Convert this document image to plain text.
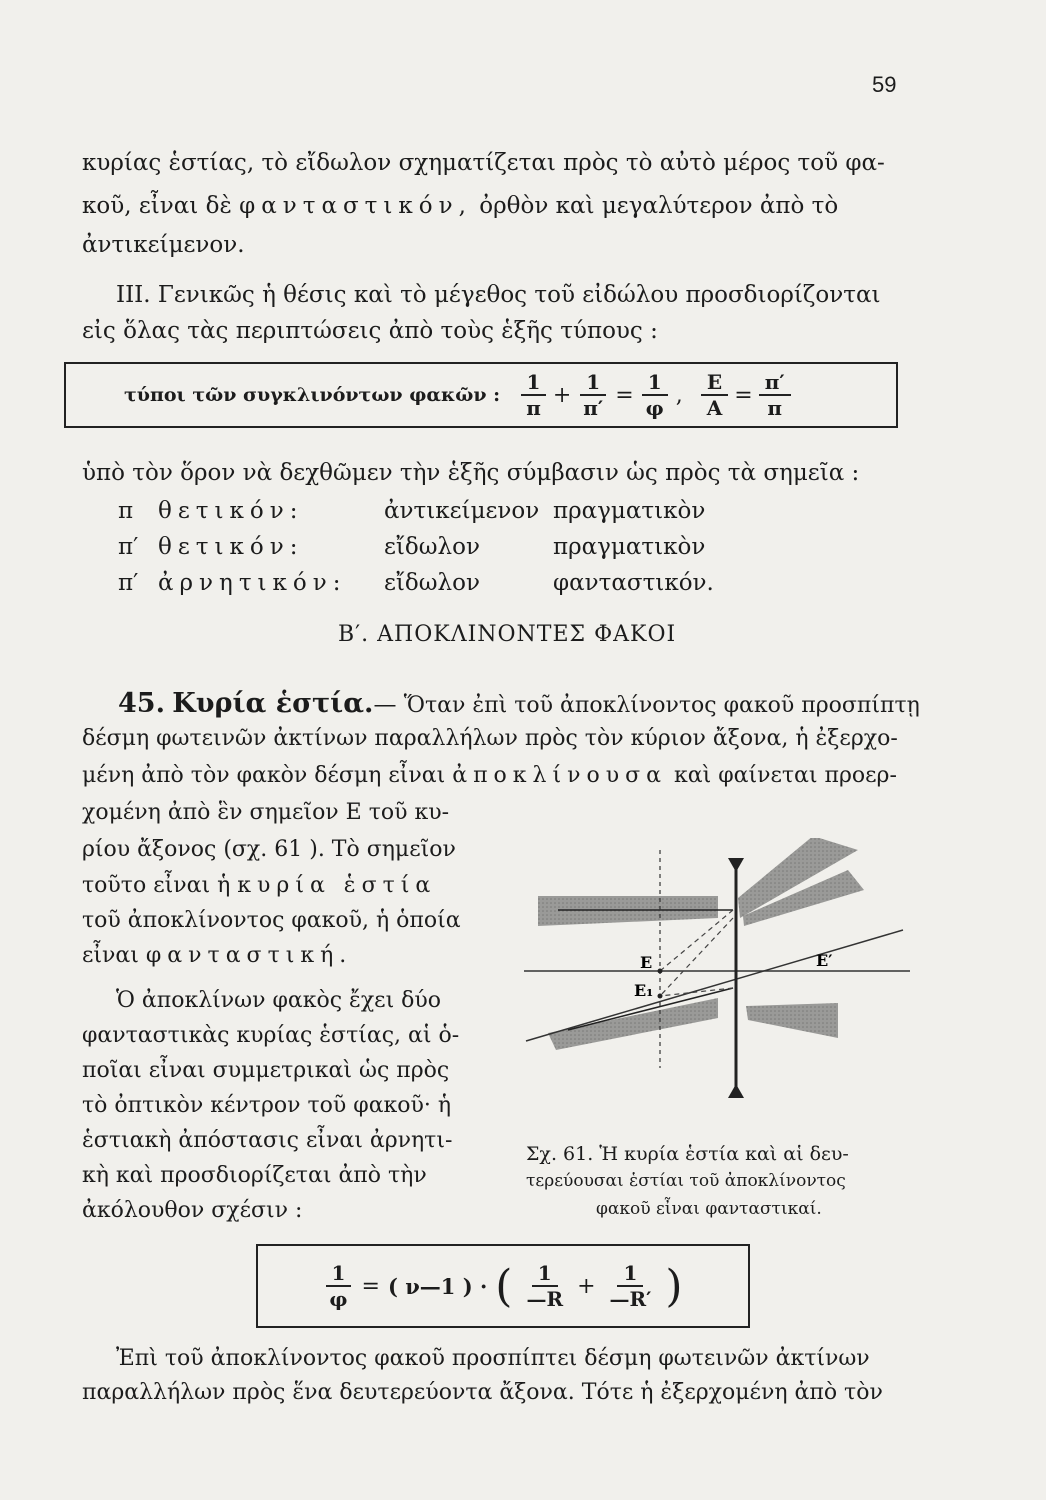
59
κυρίας ἑστίας, τὸ εἴδωλον σχηματίζεται πρὸς τὸ αὐτὸ μέρος τοῦ φα-
κοῦ, εἶναι δὲ φανταστικόν, ὀρθὸν καὶ μεγαλύτερον ἀπὸ τὸ
ἀντικείμενον.
ΙΙΙ. Γενικῶς ἡ θέσις καὶ τὸ μέγεθος τοῦ εἰδώλου προσδιορίζονται
εἰς ὅλας τὰς περιπτώσεις ἀπὸ τοὺς ἑξῆς τύπους :
τύποι τῶν συγκλινόντων φακῶν : $\frac{1}{\pi} + \frac{1}{\pi'} = \frac{1}{\varphi}$ , $\frac{E}{A} = \frac{\pi'}{\pi}$
ὑπὸ τὸν ὅρον νὰ δεχθῶμεν τὴν ἑξῆς σύμβασιν ὡς πρὸς τὰ σημεῖα :
π θετικόν:	ἀντικείμενον πραγματικὸν
π′ θετικόν:	εἴδωλον	πραγματικὸν
π′ ἀρνητικόν: εἴδωλον	φανταστικόν.
Β′. ΑΠΟΚΛΙΝΟΝΤΕΣ ΦΑΚΟΙ
45. Κυρία ἑστία.— Ὅταν ἐπὶ τοῦ ἀποκλίνοντος φακοῦ προσπίπτῃ
δέσμη φωτεινῶν ἀκτίνων παραλλήλων πρὸς τὸν κύριον ἄξονα, ἡ ἐξερχο-
μένη ἀπὸ τὸν φακὸν δέσμη εἶναι ἀποκλίνουσα καὶ φαίνεται προερ-
χομένη ἀπὸ ἓν σημεῖον Ε τοῦ κυ-
ρίου ἄξονος (σχ. 61 ). Τὸ σημεῖον
τοῦτο εἶναι ἡ κυρία ἑστία
τοῦ ἀποκλίνοντος φακοῦ, ἡ ὁποία
εἶναι φανταστική.
Ὁ ἀποκλίνων φακὸς ἔχει δύο
φανταστικὰς κυρίας ἑστίας, αἱ ὁ-
ποῖαι εἶναι συμμετρικαὶ ὡς πρὸς
τὸ ὀπτικὸν κέντρον τοῦ φακοῦ· ἡ
ἑστιακὴ ἀπόστασις εἶναι ἀρνητι-
κὴ καὶ προσδιορίζεται ἀπὸ τὴν
ἀκόλουθον σχέσιν :
Ε
Ε₁
Ε′
Σχ. 61. Ἡ κυρία ἑστία καὶ αἱ δευ-
τερεύουσαι ἑστίαι τοῦ ἀποκλίνοντος
φακοῦ εἶναι φανταστικαί.
$\frac{1}{\varphi}$ = ( ν—1 ) · ( $\frac{1}{—R} + \frac{1}{—R'}$ )
Ἐπὶ τοῦ ἀποκλίνοντος φακοῦ προσπίπτει δέσμη φωτεινῶν ἀκτίνων
παραλλήλων πρὸς ἕνα δευτερεύοντα ἄξονα. Τότε ἡ ἐξερχομένη ἀπὸ τὸν
